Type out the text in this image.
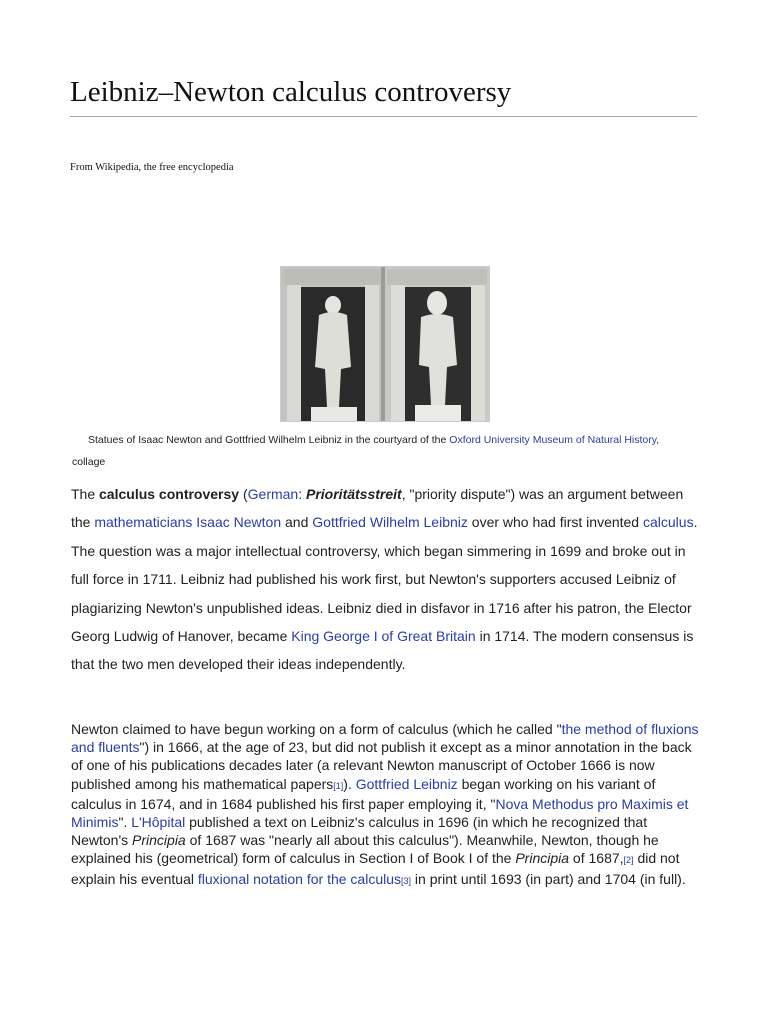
Leibniz–Newton calculus controversy
From Wikipedia, the free encyclopedia
Statues of Isaac Newton and Gottfried Wilhelm Leibniz in the courtyard of the Oxford University Museum of Natural History, collage

The calculus controversy (German: Prioritätsstreit, "priority dispute") was an argument between the mathematicians Isaac Newton and Gottfried Wilhelm Leibniz over who had first invented calculus. The question was a major intellectual controversy, which began simmering in 1699 and broke out in full force in 1711. Leibniz had published his work first, but Newton's supporters accused Leibniz of plagiarizing Newton's unpublished ideas. Leibniz died in disfavor in 1716 after his patron, the Elector Georg Ludwig of Hanover, became King George I of Great Britain in 1714. The modern consensus is that the two men developed their ideas independently.

Newton claimed to have begun working on a form of calculus (which he called "the method of fluxions and fluents") in 1666, at the age of 23, but did not publish it except as a minor annotation in the back of one of his publications decades later (a relevant Newton manuscript of October 1666 is now published among his mathematical papers[1]). Gottfried Leibniz began working on his variant of calculus in 1674, and in 1684 published his first paper employing it, "Nova Methodus pro Maximis et Minimis". L'Hôpital published a text on Leibniz's calculus in 1696 (in which he recognized that Newton's Principia of 1687 was "nearly all about this calculus"). Meanwhile, Newton, though he explained his (geometrical) form of calculus in Section I of Book I of the Principia of 1687,[2] did not explain his eventual fluxional notation for the calculus[3] in print until 1693 (in part) and 1704 (in full).
